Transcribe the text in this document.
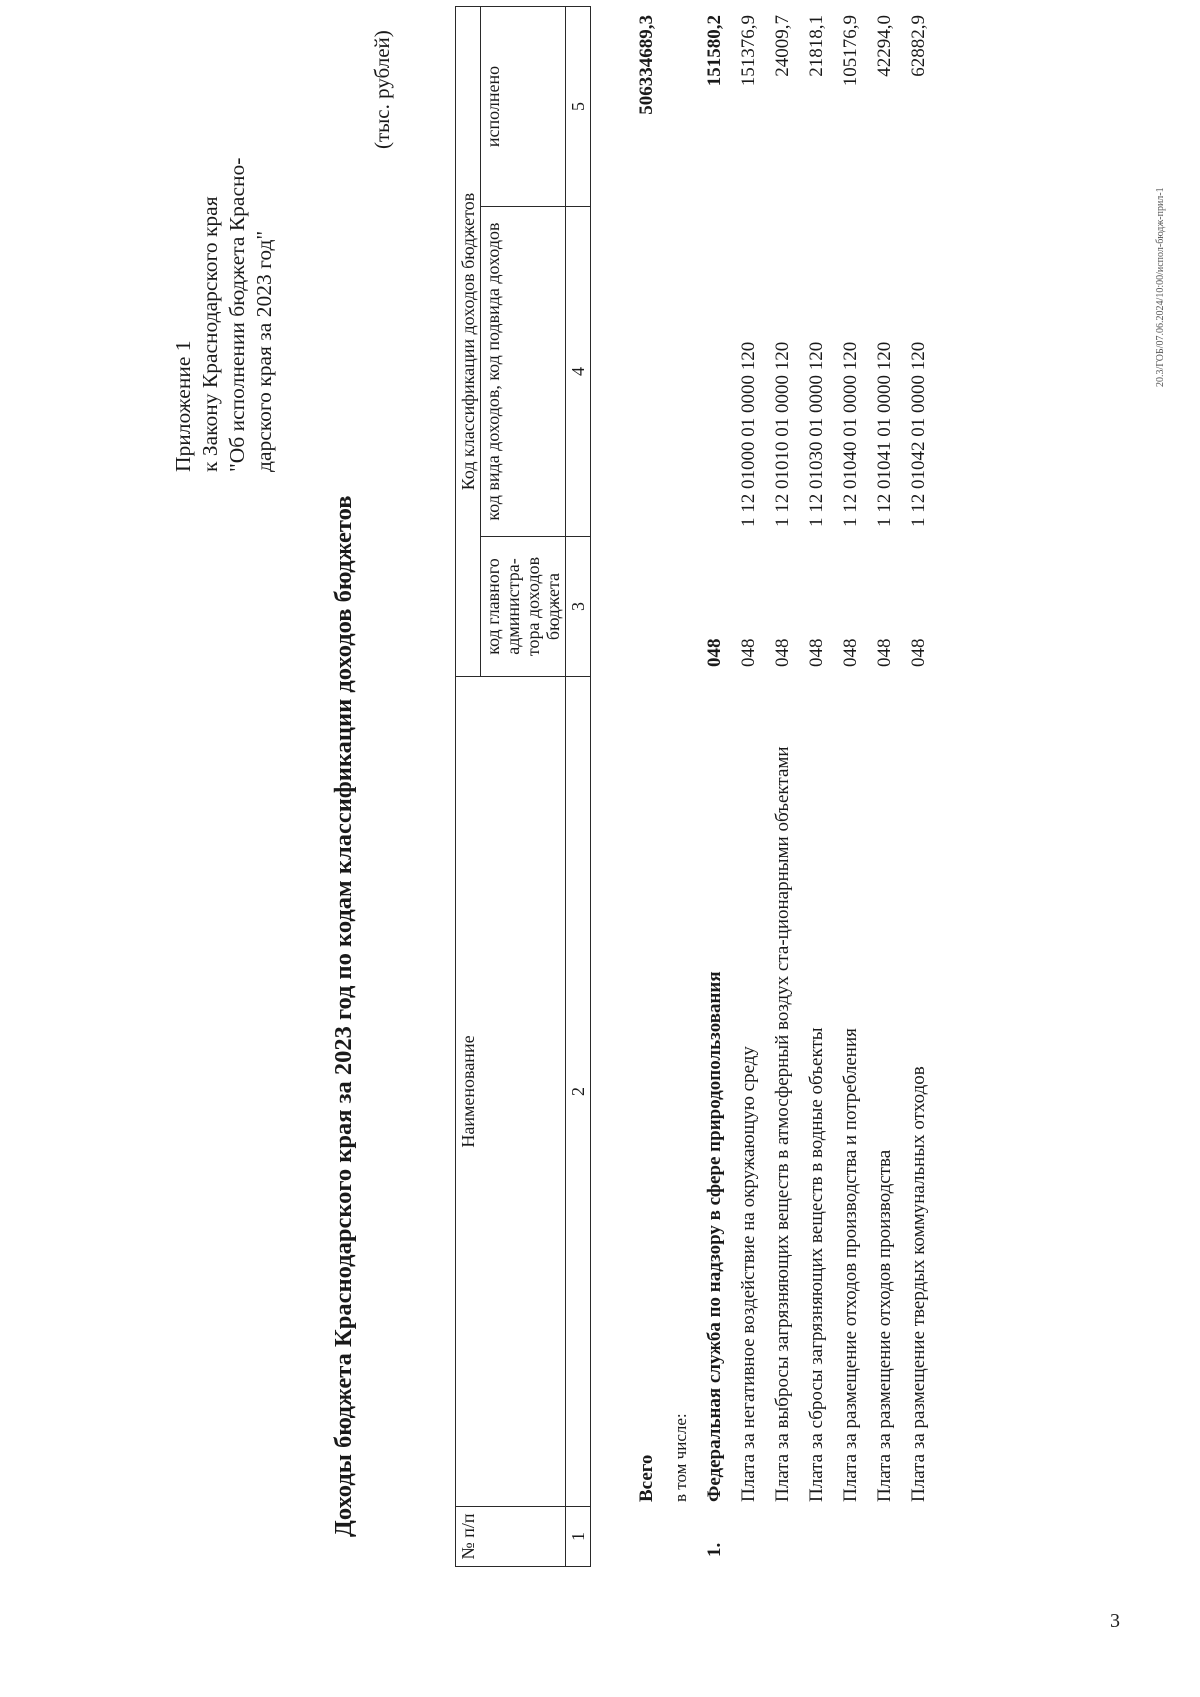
Приложение 1 к Закону Краснодарского края "Об исполнении бюджета Красно- дарского края за 2023 год"
Доходы бюджета Краснодарского края за 2023 год по кодам классификации доходов бюджетов
(тыс. рублей)
№ п/п	Наименование	Код классификации доходов бюджетов		
		код главного администра-тора доходов бюджета	код вида доходов, код подвида доходов	исполнено
1	2	3	4	5
	Всего			506334689,3
	в том числе:			
1.	Федеральная служба по надзору в сфере природопользования	048		151580,2
	Плата за негативное воздействие на окружающую среду	048	1 12 01000 01 0000 120	151376,9
	Плата за выбросы загрязняющих веществ в атмосферный воздух ста-ционарными объектами	048	1 12 01010 01 0000 120	24009,7
	Плата за сбросы загрязняющих веществ в водные объекты	048	1 12 01030 01 0000 120	21818,1
	Плата за размещение отходов производства и потребления	048	1 12 01040 01 0000 120	105176,9
	Плата за размещение отходов производства	048	1 12 01041 01 0000 120	42294,0
	Плата за размещение твердых коммунальных отходов	048	1 12 01042 01 0000 120	62882,9
20.3/ГОБ/07.06.2024/10:00/испол-бюдж-прил-1
3
